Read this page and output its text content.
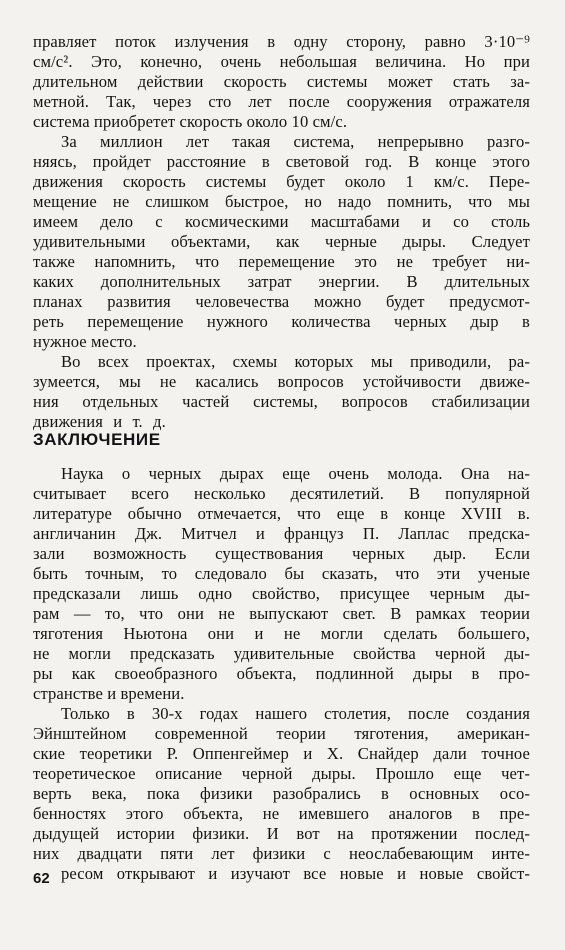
правляет поток излучения в одну сторону, равно 3·10⁻⁹
см/с². Это, конечно, очень небольшая величина. Но при
длительном действии скорость системы может стать за-
метной. Так, через сто лет после сооружения отражателя
система приобретет скорость около 10 см/с.
За миллион лет такая система, непрерывно разго-
няясь, пройдет расстояние в световой год. В конце этого
движения скорость системы будет около 1 км/с. Пере-
мещение не слишком быстрое, но надо помнить, что мы
имеем дело с космическими масштабами и со столь
удивительными объектами, как черные дыры. Следует
также напомнить, что перемещение это не требует ни-
каких дополнительных затрат энергии. В длительных
планах развития человечества можно будет предусмот-
реть перемещение нужного количества черных дыр в
нужное место.
Во всех проектах, схемы которых мы приводили, ра-
зумеется, мы не касались вопросов устойчивости движе-
ния отдельных частей системы, вопросов стабилизации
движения и т. д.
ЗАКЛЮЧЕНИЕ
Наука о черных дырах еще очень молода. Она на-
считывает всего несколько десятилетий. В популярной
литературе обычно отмечается, что еще в конце XVIII в.
англичанин Дж. Митчел и француз П. Лаплас предска-
зали возможность существования черных дыр. Если
быть точным, то следовало бы сказать, что эти ученые
предсказали лишь одно свойство, присущее черным ды-
рам — то, что они не выпускают свет. В рамках теории
тяготения Ньютона они и не могли сделать большего,
не могли предсказать удивительные свойства черной ды-
ры как своеобразного объекта, подлинной дыры в про-
странстве и времени.
Только в 30-х годах нашего столетия, после создания
Эйнштейном современной теории тяготения, американ-
ские теоретики Р. Оппенгеймер и Х. Снайдер дали точное
теоретическое описание черной дыры. Прошло еще чет-
верть века, пока физики разобрались в основных осо-
бенностях этого объекта, не имевшего аналогов в пре-
дыдущей истории физики. И вот на протяжении послед-
них двадцати пяти лет физики с неослабевающим инте-
ресом открывают и изучают все новые и новые свойст-
62
